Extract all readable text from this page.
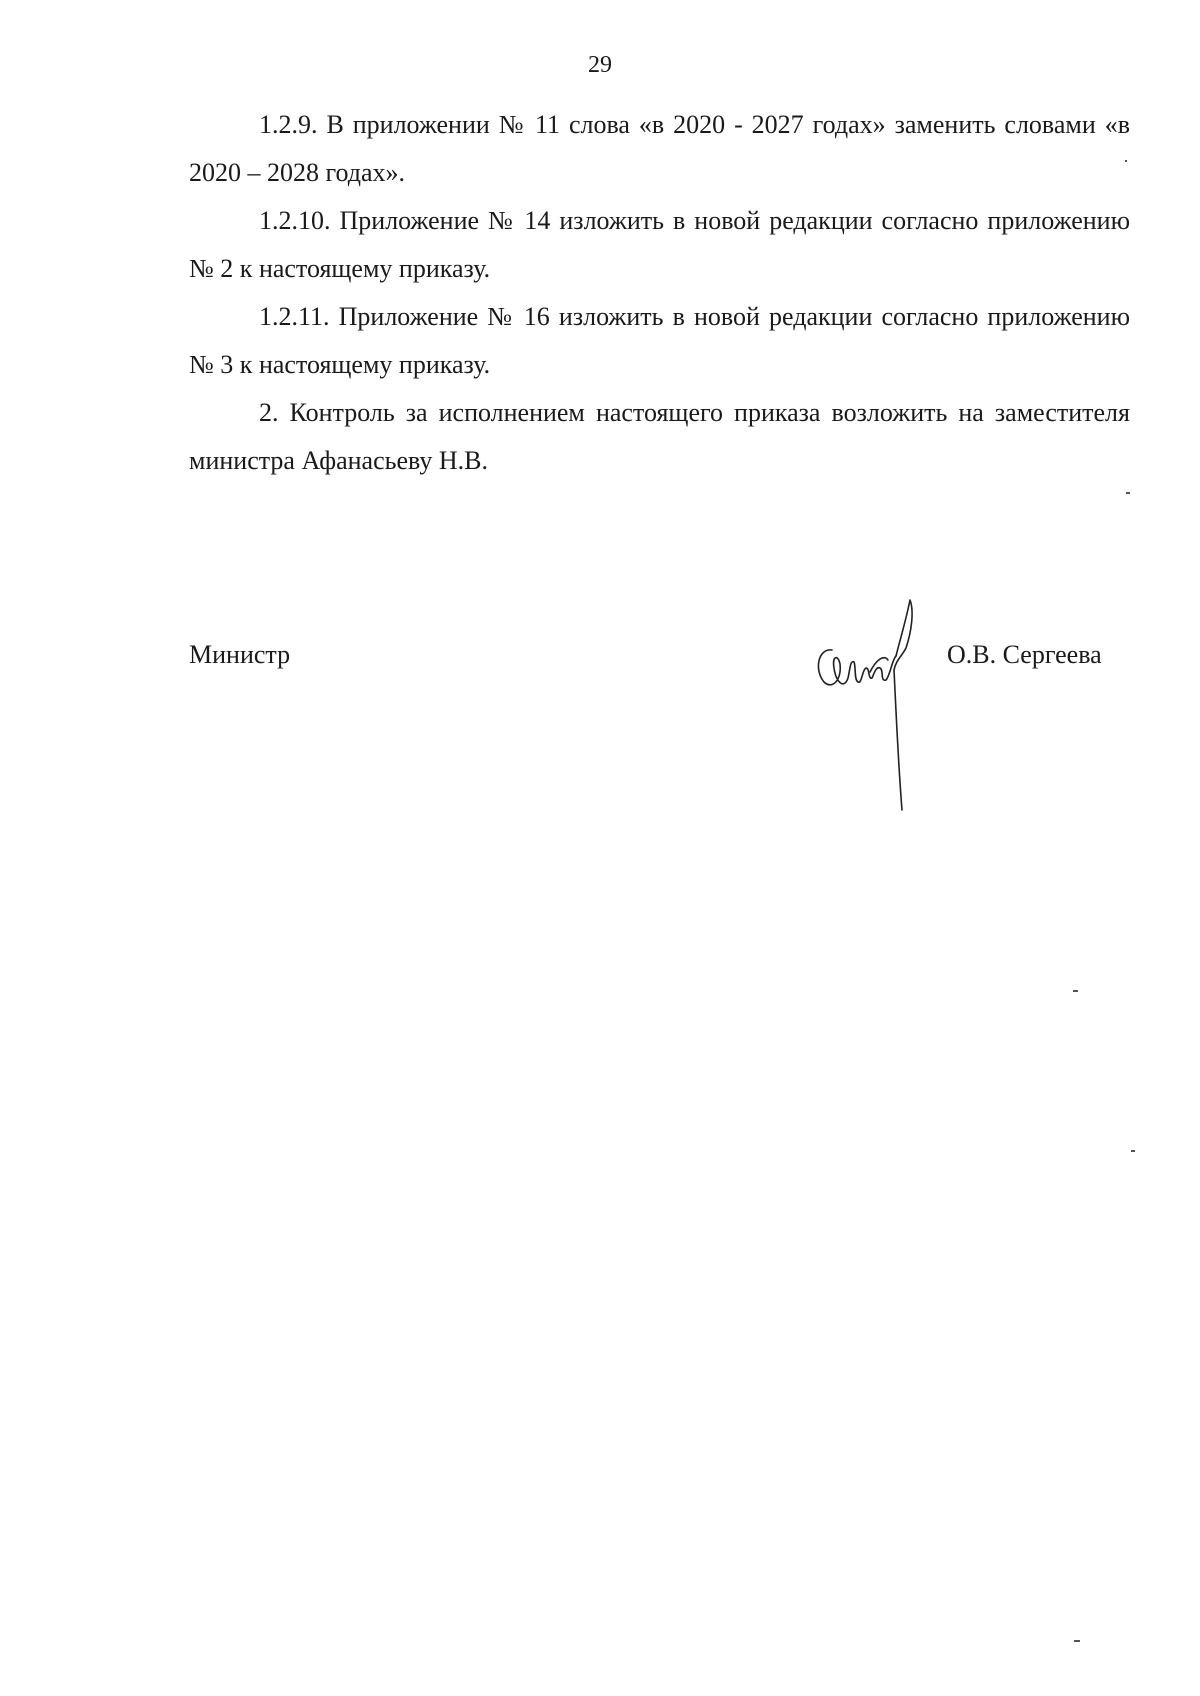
29

1.2.9. В приложении № 11 слова «в 2020 - 2027 годах» заменить словами «в 2020 – 2028 годах».

1.2.10. Приложение № 14 изложить в новой редакции согласно приложению № 2 к настоящему приказу.

1.2.11. Приложение № 16 изложить в новой редакции согласно приложению № 3 к настоящему приказу.

2. Контроль за исполнением настоящего приказа возложить на заместителя министра Афанасьеву Н.В.

Министр	О.В. Сергеева
